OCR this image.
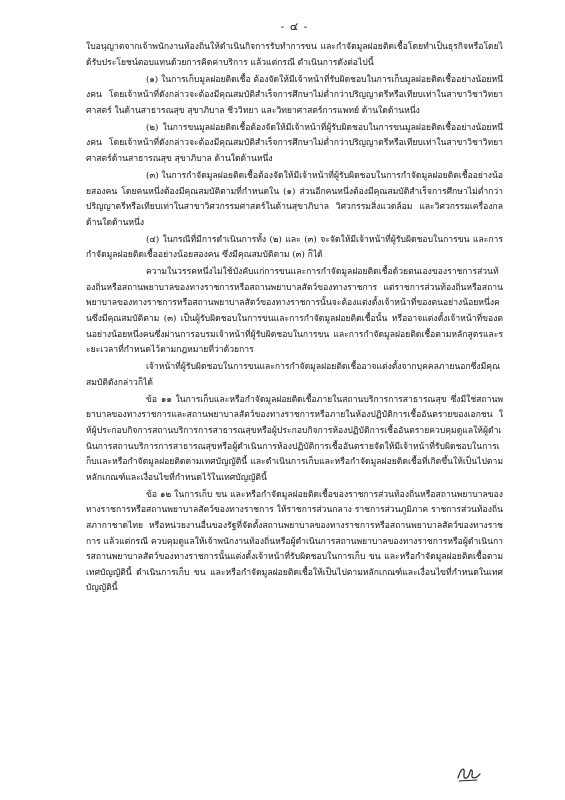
- ๔ -

ใบอนุญาตจากเจ้าพนักงานท้องถิ่นให้ดำเนินกิจการรับทำการขน และกำจัดมูลฝอยติดเชื้อโดยทำเป็นธุรกิจหรือโดยได้รับประโยชน์ตอบแทนด้วยการคิดค่าบริการ แล้วแต่กรณี ดำเนินการดังต่อไปนี้

(๑) ในการเก็บมูลฝอยติดเชื้อ ต้องจัดให้มีเจ้าหน้าที่รับผิดชอบในการเก็บมูลฝอยติดเชื้ออย่างน้อยหนึ่งคน โดยเจ้าหน้าที่ดังกล่าวจะต้องมีคุณสมบัติสำเร็จการศึกษาไม่ต่ำกว่าปริญญาตรีหรือเทียบเท่าในสาขาวิชาวิทยาศาสตร์ ในด้านสาธารณสุข สุขาภิบาล ชีววิทยา และวิทยาศาสตร์การแพทย์ ด้านใดด้านหนึ่ง

(๒) ในการขนมูลฝอยติดเชื้อต้องจัดให้มีเจ้าหน้าที่ผู้รับผิดชอบในการขนมูลฝอยติดเชื้ออย่างน้อยหนึ่งคน โดยเจ้าหน้าที่ดังกล่าวจะต้องมีคุณสมบัติสำเร็จการศึกษาไม่ต่ำกว่าปริญญาตรีหรือเทียบเท่าในสาขาวิชาวิทยาศาสตร์ด้านสาธารณสุข สุขาภิบาล ด้านใดด้านหนึ่ง

(๓) ในการกำจัดมูลฝอยติดเชื้อต้องจัดให้มีเจ้าหน้าที่ผู้รับผิดชอบในการกำจัดมูลฝอยติดเชื้ออย่างน้อยสองคน โดยคนหนึ่งต้องมีคุณสมบัติตามที่กำหนดใน (๑) ส่วนอีกคนหนึ่งต้องมีคุณสมบัติสำเร็จการศึกษาไม่ต่ำกว่าปริญญาตรีหรือเทียบเท่าในสาขาวิศวกรรมศาสตร์ในด้านสุขาภิบาล วิศวกรรมสิ่งแวดล้อม และวิศวกรรมเครื่องกล ด้านใดด้านหนึ่ง

(๔) ในกรณีที่มีการดำเนินการทั้ง (๒) และ (๓) จะจัดให้มีเจ้าหน้าที่ผู้รับผิดชอบในการขน และการกำจัดมูลฝอยติดเชื้ออย่างน้อยสองคน ซึ่งมีคุณสมบัติตาม (๓) ก็ได้

ความในวรรคหนึ่งไม่ใช้บังคับแก่การขนและการกำจัดมูลฝอยติดเชื้อด้วยตนเองของราชการส่วนท้องถิ่นหรือสถานพยาบาลของทางราชการหรือสถานพยาบาลสัตว์ของทางราชการ แต่ราชการส่วนท้องถิ่นหรือสถานพยาบาลของทางราชการหรือสถานพยาบาลสัตว์ของทางราชการนั้นจะต้องแต่งตั้งเจ้าหน้าที่ของตนอย่างน้อยหนึ่งคนซึ่งมีคุณสมบัติตาม (๓) เป็นผู้รับผิดชอบในการขนและการกำจัดมูลฝอยติดเชื้อนั้น หรืออาจแต่งตั้งเจ้าหน้าที่ของตนอย่างน้อยหนึ่งคนซึ่งผ่านการอบรมเจ้าหน้าที่ผู้รับผิดชอบในการขน และการกำจัดมูลฝอยติดเชื้อตามหลักสูตรและระยะเวลาที่กำหนดไว้ตามกฎหมายที่ว่าด้วยการ

เจ้าหน้าที่ผู้รับผิดชอบในการขนและการกำจัดมูลฝอยติดเชื้ออาจแต่งตั้งจากบุคคลภายนอกซึ่งมีคุณสมบัติดังกล่าวก็ได้

ข้อ ๑๑ ในการเก็บและหรือกำจัดมูลฝอยติดเชื้อภายในสถานบริการการสาธารณสุข ซึ่งมีใช่สถานพยาบาลของทางราชการและสถานพยาบาลสัตว์ของทางราชการหรือภายในห้องปฏิบัติการเชื้ออันตรายของเอกชน ให้ผู้ประกอบกิจการสถานบริการการสาธารณสุขหรือผู้ประกอบกิจการห้องปฏิบัติการเชื้ออันตรายควบคุมดูแลให้ผู้ดำเนินการสถานบริการการสาธารณสุขหรือผู้ดำเนินการห้องปฏิบัติการเชื้ออันตรายจัดให้มีเจ้าหน้าที่รับผิดชอบในการเก็บและหรือกำจัดมูลฝอยติดตามเทศบัญญัตินี้ และดำเนินการเก็บและหรือกำจัดมูลฝอยติดเชื้อที่เกิดขึ้นให้เป็นไปตามหลักเกณฑ์และเงื่อนไขที่กำหนดไว้ในเทศบัญญัตินี้

ข้อ ๑๒ ในการเก็บ ขน และหรือกำจัดมูลฝอยติดเชื้อของราชการส่วนท้องถิ่นหรือสถานพยาบาลของทางราชการหรือสถานพยาบาลสัตว์ของทางราชการ ให้ราชการส่วนกลาง ราชการส่วนภูมิภาค ราชการส่วนท้องถิ่น สภากาชาดไทย หรือหน่วยงานอื่นของรัฐที่จัดตั้งสถานพยาบาลของทางราชการหรือสถานพยาบาลสัตว์ของทางราชการ แล้วแต่กรณี ควบคุมดูแลให้เจ้าพนักงานท้องถิ่นหรือผู้ดำเนินการสถานพยาบาลของทางราชการหรือผู้ดำเนินการสถานพยาบาลสัตว์ของทางราชการนั้นแต่งตั้งเจ้าหน้าที่รับผิดชอบในการเก็บ ขน และหรือกำจัดมูลฝอยติดเชื้อตามเทศบัญญัตินี้ ดำเนินการเก็บ ขน และหรือกำจัดมูลฝอยติดเชื้อให้เป็นไปตามหลักเกณฑ์และเงื่อนไขที่กำหนดในเทศบัญญัตินี้
